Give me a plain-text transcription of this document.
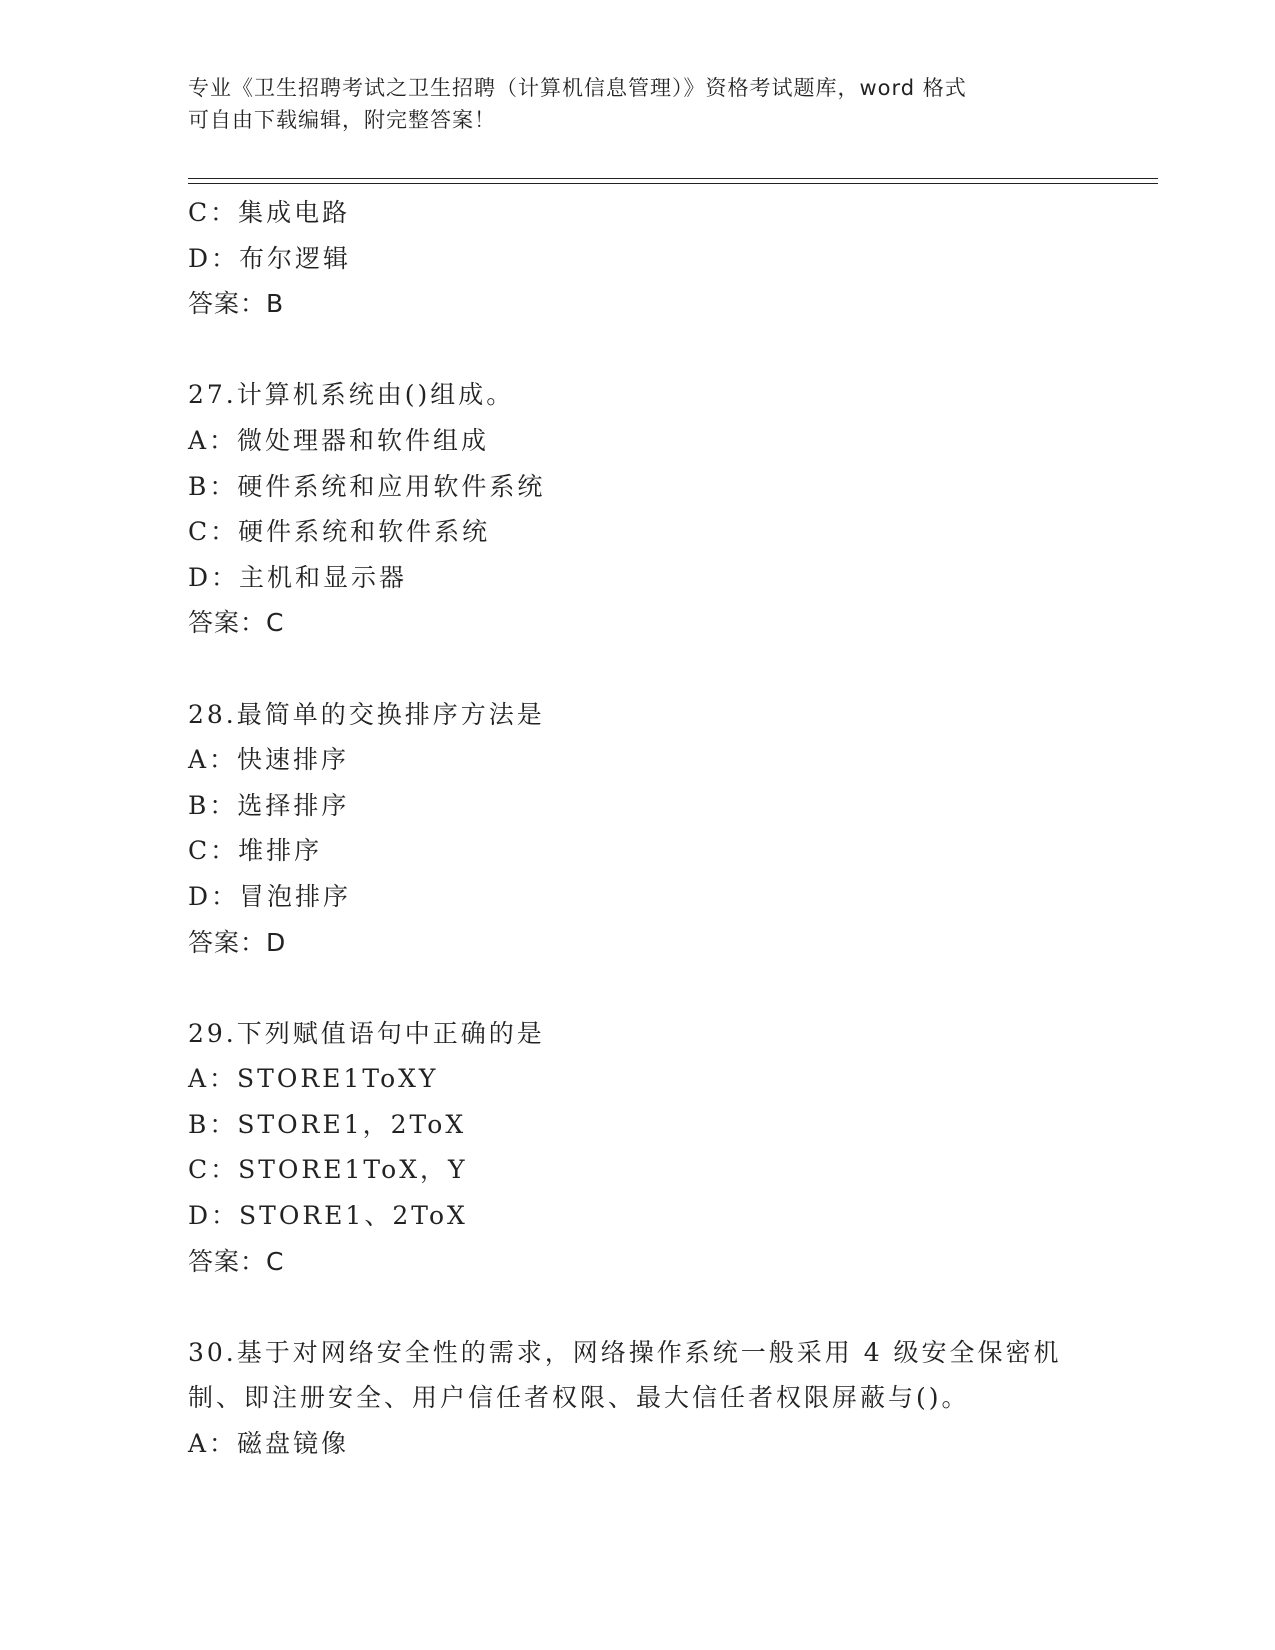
专业《卫生招聘考试之卫生招聘（计算机信息管理）》资格考试题库，word 格式
可自由下载编辑，附完整答案！
C：集成电路
D：布尔逻辑
答案：B
27.计算机系统由()组成。
A：微处理器和软件组成
B：硬件系统和应用软件系统
C：硬件系统和软件系统
D：主机和显示器
答案：C
28.最简单的交换排序方法是
A：快速排序
B：选择排序
C：堆排序
D：冒泡排序
答案：D
29.下列赋值语句中正确的是
A：STORE1ToXY
B：STORE1，2ToX
C：STORE1ToX，Y
D：STORE1、2ToX
答案：C
30.基于对网络安全性的需求，网络操作系统一般采用 4 级安全保密机
制、即注册安全、用户信任者权限、最大信任者权限屏蔽与()。
A：磁盘镜像
